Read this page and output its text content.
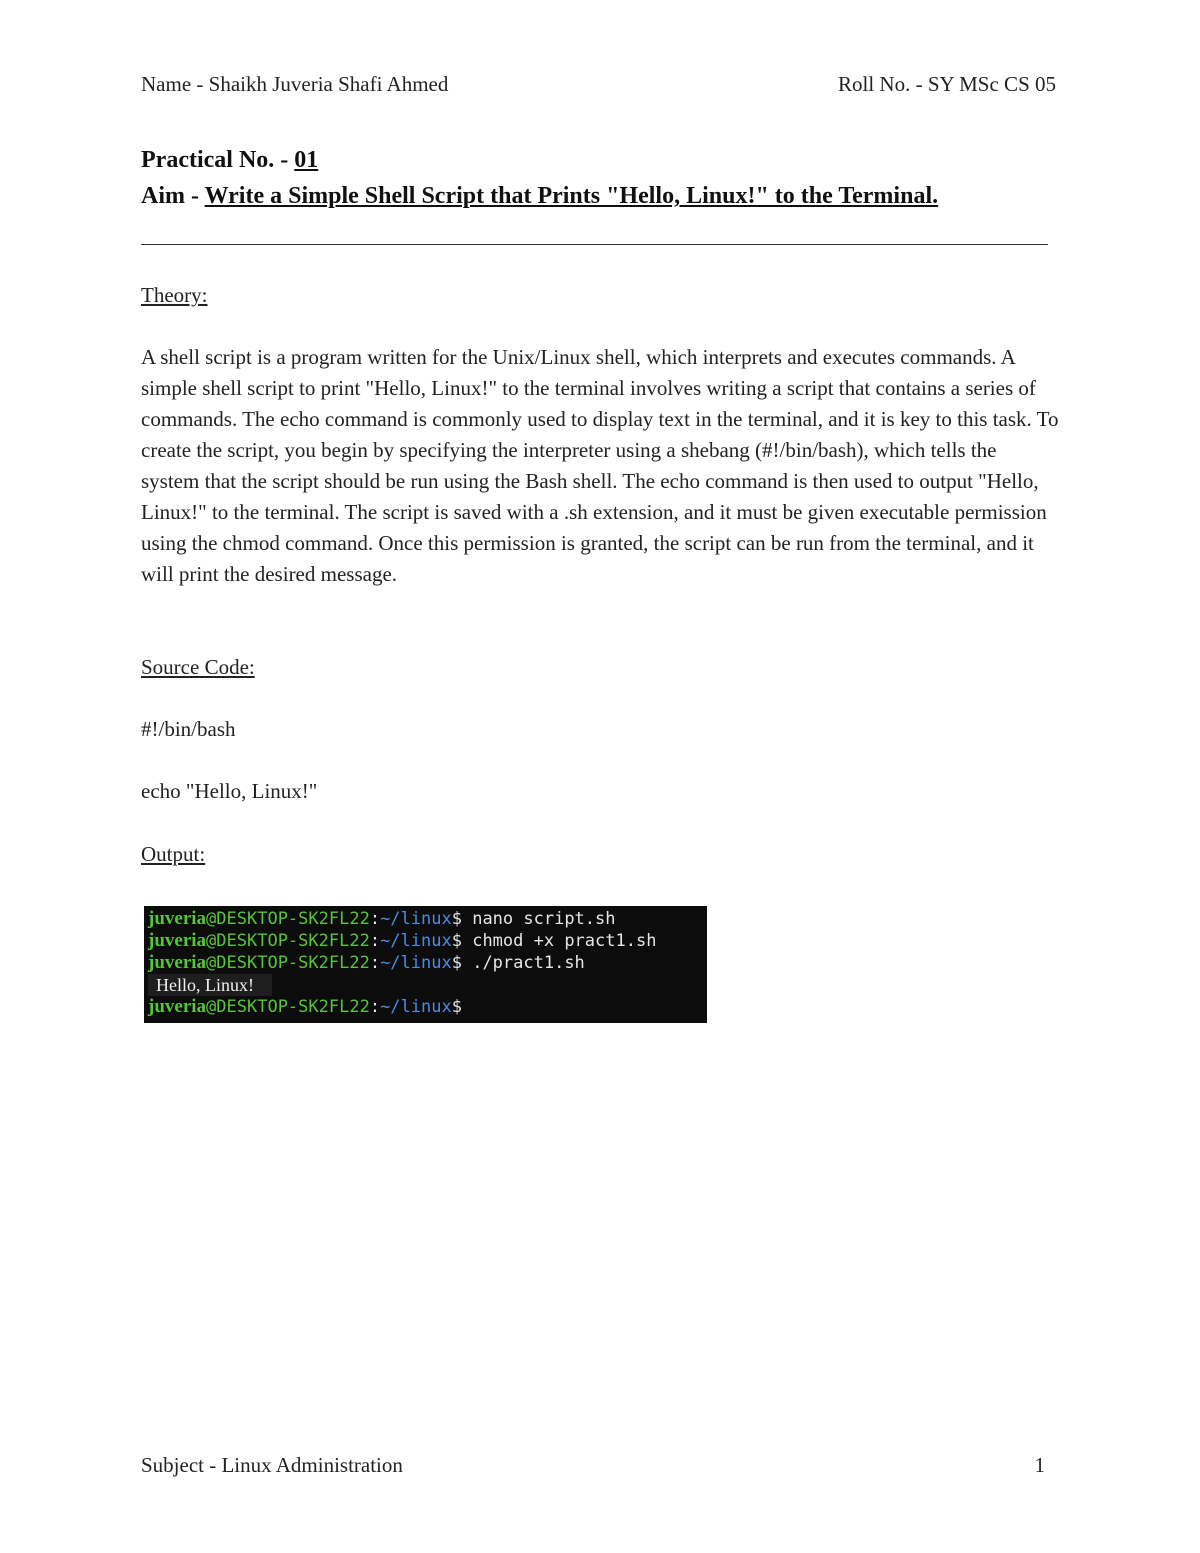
Name - Shaikh Juveria Shafi Ahmed	Roll No. - SY MSc CS 05
Practical No. - 01
Aim - Write a Simple Shell Script that Prints "Hello, Linux!" to the Terminal.
Theory:
A shell script is a program written for the Unix/Linux shell, which interprets and executes commands. A simple shell script to print "Hello, Linux!" to the terminal involves writing a script that contains a series of commands. The echo command is commonly used to display text in the terminal, and it is key to this task. To create the script, you begin by specifying the interpreter using a shebang (#!/bin/bash), which tells the system that the script should be run using the Bash shell. The echo command is then used to output "Hello, Linux!" to the terminal. The script is saved with a .sh extension, and it must be given executable permission using the chmod command. Once this permission is granted, the script can be run from the terminal, and it will print the desired message.
Source Code:
#!/bin/bash
echo "Hello, Linux!"
Output:
juveria@DESKTOP-SK2FL22:~/linux$ nano script.sh
juveria@DESKTOP-SK2FL22:~/linux$ chmod +x pract1.sh
juveria@DESKTOP-SK2FL22:~/linux$ ./pract1.sh
Hello, Linux!
juveria@DESKTOP-SK2FL22:~/linux$
Subject - Linux Administration	1
